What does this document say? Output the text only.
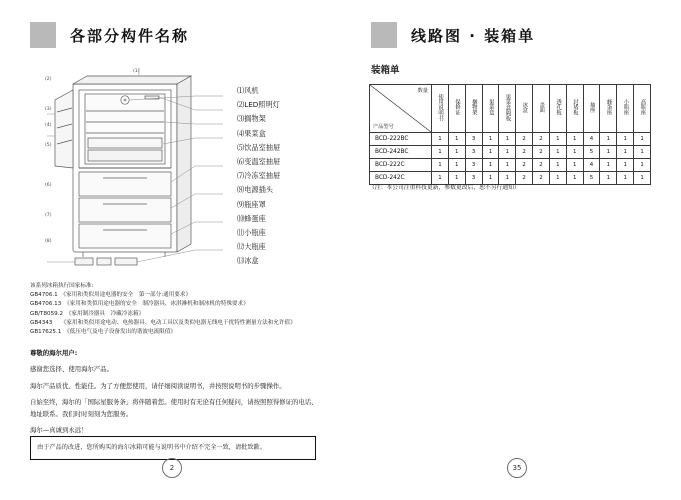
各部分构件名称
(1)
(2)
(3)
(4)
(5)
(6)
(7)
(8)
⑴风机
⑵LED照明灯
⑶搁物架
⑷果菜盒
⑸饮品室抽屉
⑹变温室抽屉
⑺冷冻室抽屉
⑻电源插头
⑼瓶座罩
⑽蜂蛋座
⑾小瓶座
⑿大瓶座
⒀冰盒
该系列冰箱执行国家标准:
GB4706.1　《家用和类似用途电器的安全　第一部分:通用要求》
GB4706.13　《家用和类似用途电器的安全　制冷器具、冰淇淋机和制冰机的特殊要求》
GB/T8059.2　《家用制冷器具　冷藏冷冻箱》
GB4343　　《家用和类似用途电动、电热器具、电动工具以及类似电器无线电干扰特性测量方法和允许值》
GB17625.1　《低压电气及电子设备发出的谐波电流限值》

尊敬的海尔用户:

感谢您选择、使用海尔产品。

海尔产品质优、性能佳。为了方便您使用，请仔细阅读说明书，并按照说明书的步骤操作。

自始至终，海尔的「国际星服务条」将伴随着您。使用时有无论有任何疑问，请按照照得修证的电话、地址联系。我们时时刻刻为您服务。

海尔—真诚到永远！

由于产品的改进，您所购买的海尔冰箱可能与说明书中介绍不完全一致，请批致歉。
2
线路图 · 装箱单
装箱单
数量
产品型号	使用说明书	保修证	搁物架	果菜盒	果菜盒隔板	冰盒	盖面	透孔板	封堵板	抽座	蜂蛋座	小瓶座	高瓶座
BCD-222BC	1	1	3	1	1	2	2	1	1	4	1	1	1
BCD-242BC	1	1	3	1	1	2	2	1	1	5	1	1	1
BCD-222C	1	1	3	1	1	2	2	1	1	4	1	1	1
BCD-242C	1	1	3	1	1	2	2	1	1	5	1	1	1
（注：本公司注重科技更新，参数更改后，恕不另行通知）
35
